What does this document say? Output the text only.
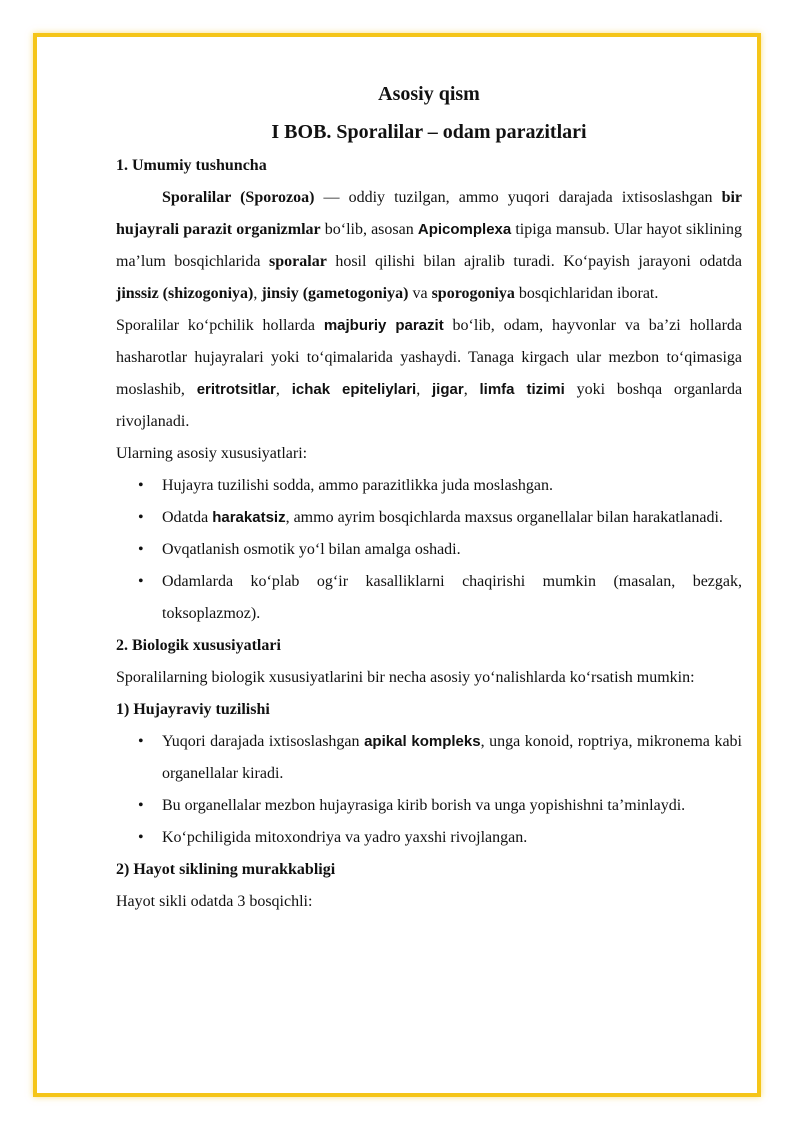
Asosiy qism
I BOB. Sporalilar – odam parazitlari
1. Umumiy tushuncha

Sporalilar (Sporozoa) — oddiy tuzilgan, ammo yuqori darajada ixtisoslashgan bir hujayrali parazit organizmlar bo‘lib, asosan Apicomplexa tipiga mansub. Ular hayot siklining ma’lum bosqichlarida sporalar hosil qilishi bilan ajralib turadi. Ko‘payish jarayoni odatda jinssiz (shizogoniya), jinsiy (gametogoniya) va sporogoniya bosqichlaridan iborat.

Sporalilar ko‘pchilik hollarda majburiy parazit bo‘lib, odam, hayvonlar va ba’zi hollarda hasharotlar hujayralari yoki to‘qimalarida yashaydi. Tanaga kirgach ular mezbon to‘qimasiga moslashib, eritrotsitlar, ichak epiteliylari, jigar, limfa tizimi yoki boshqa organlarda rivojlanadi.

Ularning asosiy xususiyatlari:

• Hujayra tuzilishi sodda, ammo parazitlikka juda moslashgan.
• Odatda harakatsiz, ammo ayrim bosqichlarda maxsus organellalar bilan harakatlanadi.
• Ovqatlanish osmotik yo‘l bilan amalga oshadi.
• Odamlarda ko‘plab og‘ir kasalliklarni chaqirishi mumkin (masalan, bezgak, toksoplazmoz).
2. Biologik xususiyatlari

Sporalilarning biologik xususiyatlarini bir necha asosiy yo‘nalishlarda ko‘rsatish mumkin:

1) Hujayraviy tuzilishi
• Yuqori darajada ixtisoslashgan apikal kompleks, unga konoid, roptriya, mikronema kabi organellalar kiradi.
• Bu organellalar mezbon hujayrasiga kirib borish va unga yopishishni ta’minlaydi.
• Ko‘pchiligida mitoxondriya va yadro yaxshi rivojlangan.
2) Hayot siklining murakkabligi

Hayot sikli odatda 3 bosqichli:
